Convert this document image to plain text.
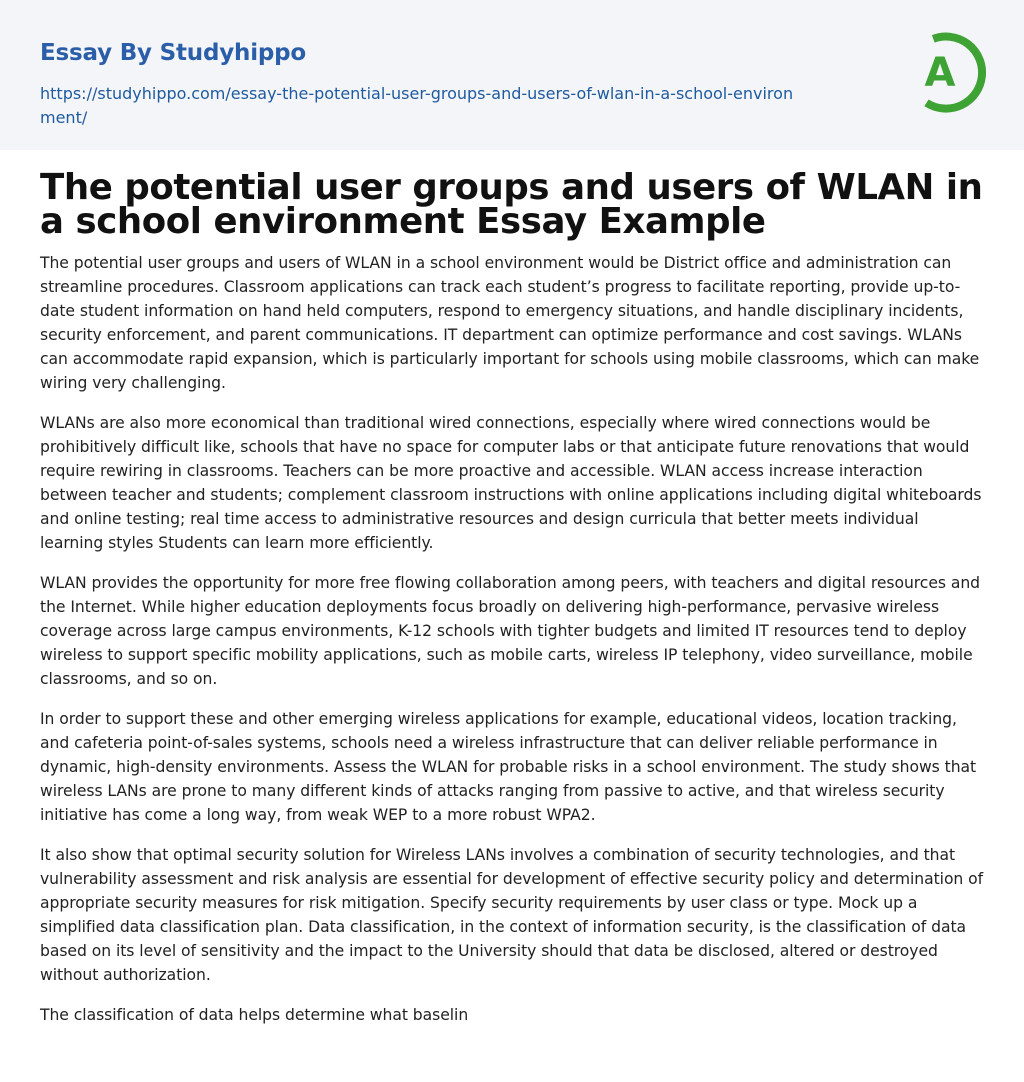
Essay By Studyhippo
https://studyhippo.com/essay-the-potential-user-groups-and-users-of-wlan-in-a-school-environment/
A
The potential user groups and users of WLAN in a school environment Essay Example

The potential user groups and users of WLAN in a school environment would be District office and administration can streamline procedures. Classroom applications can track each student’s progress to facilitate reporting, provide up-to-date student information on hand held computers, respond to emergency situations, and handle disciplinary incidents, security enforcement, and parent communications. IT department can optimize performance and cost savings. WLANs can accommodate rapid expansion, which is particularly important for schools using mobile classrooms, which can make wiring very challenging.

WLANs are also more economical than traditional wired connections, especially where wired connections would be prohibitively difficult like, schools that have no space for computer labs or that anticipate future renovations that would require rewiring in classrooms. Teachers can be more proactive and accessible. WLAN access increase interaction between teacher and students; complement classroom instructions with online applications including digital whiteboards and online testing; real time access to administrative resources and design curricula that better meets individual learning styles Students can learn more efficiently.

WLAN provides the opportunity for more free flowing collaboration among peers, with teachers and digital resources and the Internet. While higher education deployments focus broadly on delivering high-performance, pervasive wireless coverage across large campus environments, K-12 schools with tighter budgets and limited IT resources tend to deploy wireless to support specific mobility applications, such as mobile carts, wireless IP telephony, video surveillance, mobile classrooms, and so on.

In order to support these and other emerging wireless applications for example, educational videos, location tracking, and cafeteria point-of-sales systems, schools need a wireless infrastructure that can deliver reliable performance in dynamic, high-density environments. Assess the WLAN for probable risks in a school environment. The study shows that wireless LANs are prone to many different kinds of attacks ranging from passive to active, and that wireless security initiative has come a long way, from weak WEP to a more robust WPA2.

It also show that optimal security solution for Wireless LANs involves a combination of security technologies, and that vulnerability assessment and risk analysis are essential for development of effective security policy and determination of appropriate security measures for risk mitigation. Specify security requirements by user class or type. Mock up a simplified data classification plan. Data classification, in the context of information security, is the classification of data based on its level of sensitivity and the impact to the University should that data be disclosed, altered or destroyed without authorization.

The classification of data helps determine what baselin
